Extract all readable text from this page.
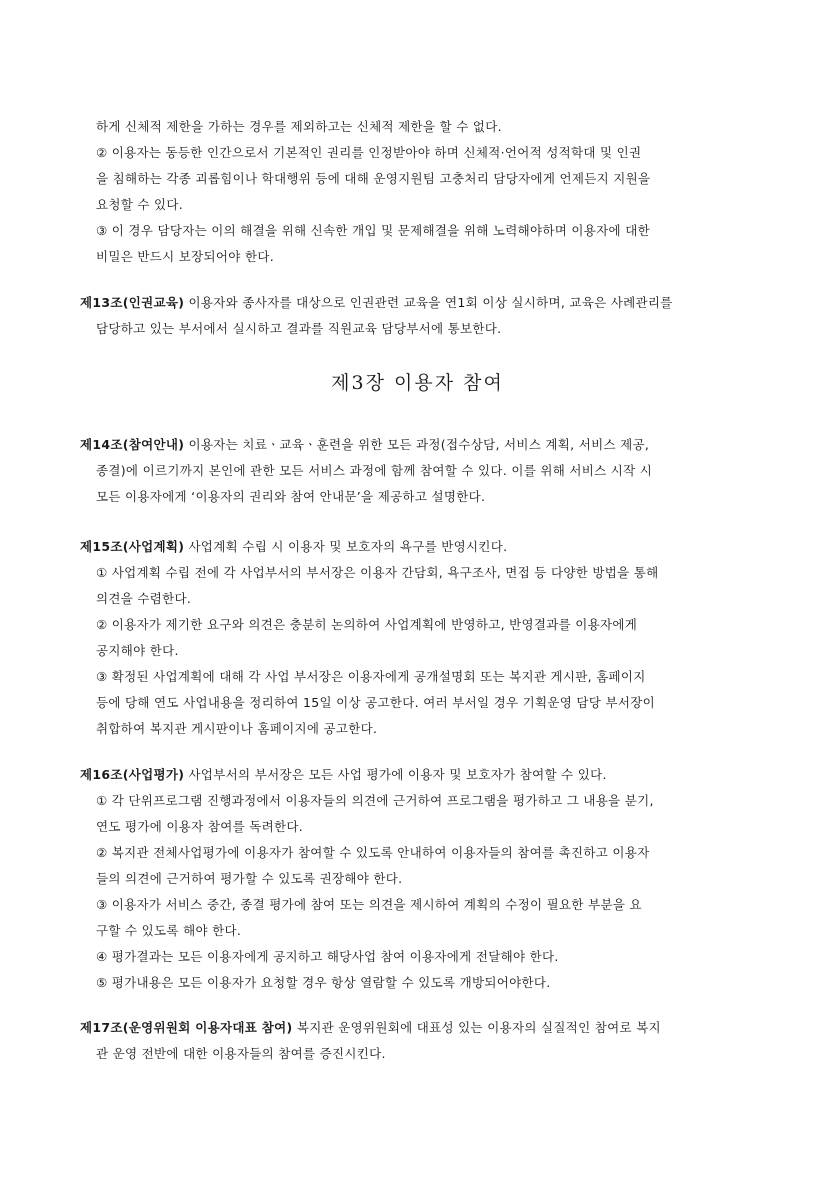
하게 신체적 제한을 가하는 경우를 제외하고는 신체적 제한을 할 수 없다.
② 이용자는 동등한 인간으로서 기본적인 권리를 인정받아야 하며 신체적·언어적 성적학대 및 인권
을 침해하는 각종 괴롭힘이나 학대행위 등에 대해 운영지원팀 고충처리 담당자에게 언제든지 지원을
요청할 수 있다.
③ 이 경우 담당자는 이의 해결을 위해 신속한 개입 및 문제해결을 위해 노력해야하며 이용자에 대한
비밀은 반드시 보장되어야 한다.
제13조(인권교육) 이용자와 종사자를 대상으로 인권관련 교육을 연1회 이상 실시하며, 교육은 사례관리를
담당하고 있는 부서에서 실시하고 결과를 직원교육 담당부서에 통보한다.
제3장 이용자 참여
제14조(참여안내) 이용자는 치료ㆍ교육ㆍ훈련을 위한 모든 과정(접수상담, 서비스 계획, 서비스 제공,
종결)에 이르기까지 본인에 관한 모든 서비스 과정에 함께 참여할 수 있다. 이를 위해 서비스 시작 시
모든 이용자에게 ‘이용자의 권리와 참여 안내문’을 제공하고 설명한다.
제15조(사업계획) 사업계획 수립 시 이용자 및 보호자의 욕구를 반영시킨다.
① 사업계획 수립 전에 각 사업부서의 부서장은 이용자 간담회, 욕구조사, 면접 등 다양한 방법을 통해
의견을 수렴한다.
② 이용자가 제기한 요구와 의견은 충분히 논의하여 사업계획에 반영하고, 반영결과를 이용자에게
공지해야 한다.
③ 확정된 사업계획에 대해 각 사업 부서장은 이용자에게 공개설명회 또는 복지관 게시판, 홈페이지
등에 당해 연도 사업내용을 정리하여 15일 이상 공고한다. 여러 부서일 경우 기획운영 담당 부서장이
취합하여 복지관 게시판이나 홈페이지에 공고한다.
제16조(사업평가) 사업부서의 부서장은 모든 사업 평가에 이용자 및 보호자가 참여할 수 있다.
① 각 단위프로그램 진행과정에서 이용자들의 의견에 근거하여 프로그램을 평가하고 그 내용을 분기,
연도 평가에 이용자 참여를 독려한다.
② 복지관 전체사업평가에 이용자가 참여할 수 있도록 안내하여 이용자들의 참여를 촉진하고 이용자
들의 의견에 근거하여 평가할 수 있도록 권장해야 한다.
③ 이용자가 서비스 중간, 종결 평가에 참여 또는 의견을 제시하여 계획의 수정이 필요한 부분을 요
구할 수 있도록 해야 한다.
④ 평가결과는 모든 이용자에게 공지하고 해당사업 참여 이용자에게 전달해야 한다.
⑤ 평가내용은 모든 이용자가 요청할 경우 항상 열람할 수 있도록 개방되어야한다.
제17조(운영위원회 이용자대표 참여) 복지관 운영위원회에 대표성 있는 이용자의 실질적인 참여로 복지
관 운영 전반에 대한 이용자들의 참여를 증진시킨다.
